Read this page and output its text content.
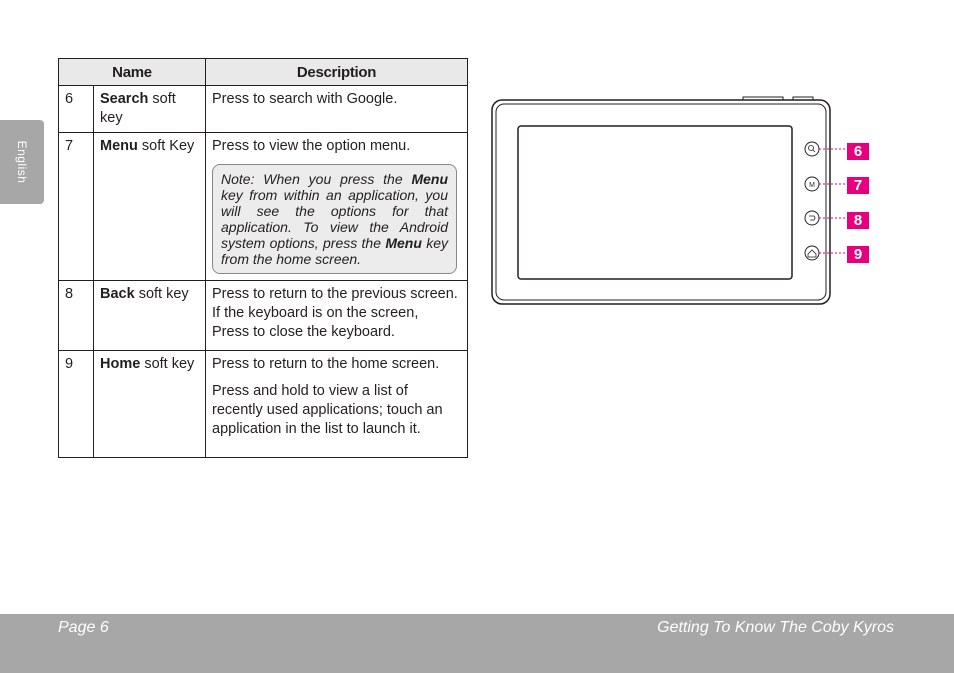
English
Name		Description
6	Search soft key	Press to search with Google.

7	Menu soft Key	Press to view the option menu.

Note: When you press the Menu key from within an application, you will see the options for that application. To view the Android system options, press the Menu key from the home screen.

8	Back soft key	Press to return to the previous screen. If the keyboard is on the screen, Press to close the keyboard.

9	Home soft key	Press to return to the home screen.

Press and hold to view a list of recently used applications; touch an application in the list to launch it.

M
6
7
8
9
Page 6	Getting To Know The Coby Kyros
